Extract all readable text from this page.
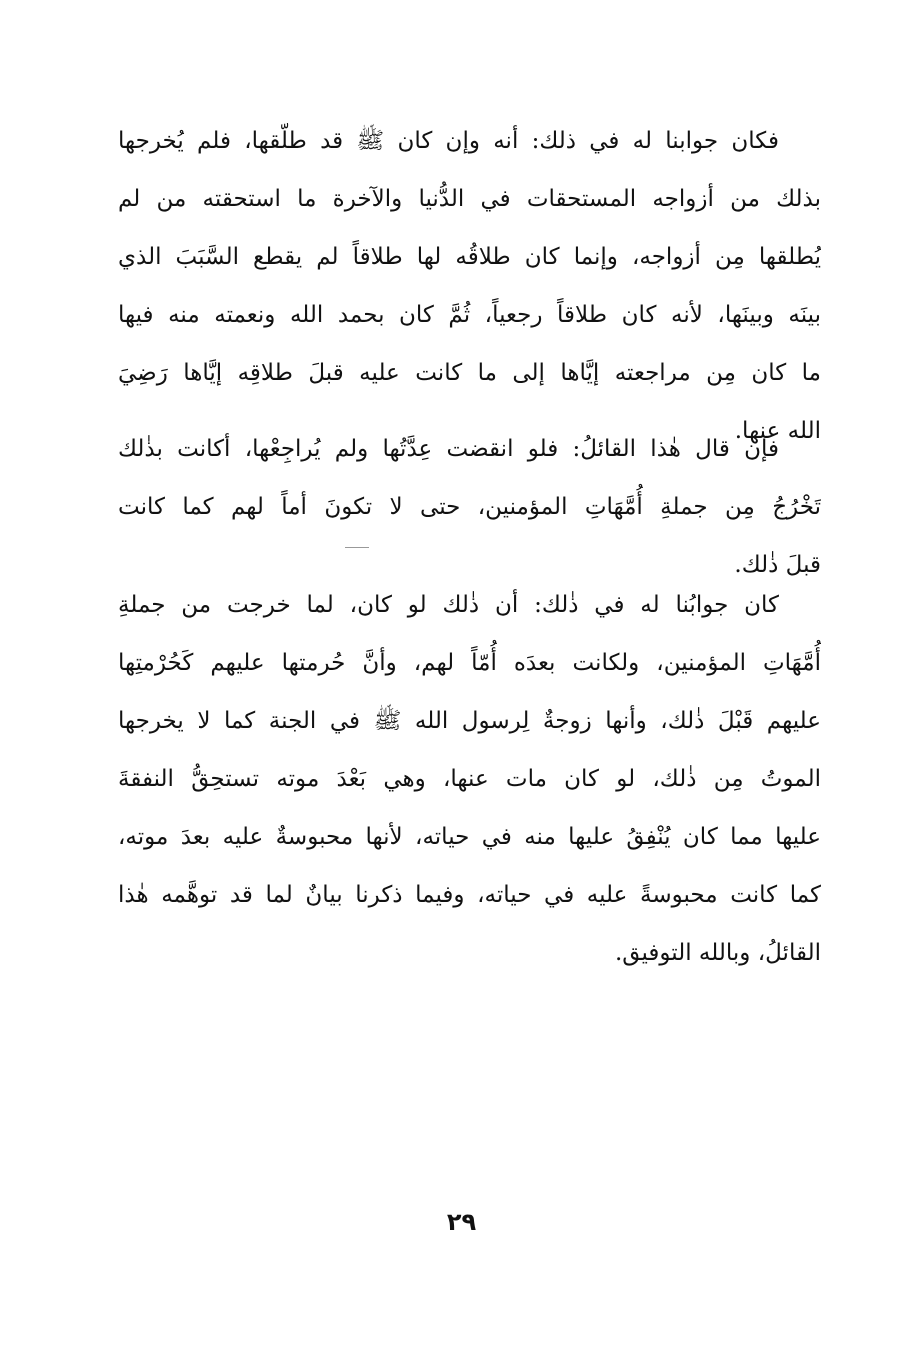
فكان جوابنا له في ذلك: أنه وإن كان ﷺ قد طلّقها، فلم يُخرجها
بذلك من أزواجه المستحقات في الدُّنيا والآخرة ما استحقته من لم
يُطلقها مِن أزواجه، وإنما كان طلاقُه لها طلاقاً لم يقطع السَّبَبَ الذي
بينَه وبينَها، لأنه كان طلاقاً رجعياً، ثُمَّ كان بحمد الله ونعمته منه فيها
ما كان مِن مراجعته إيَّاها إلى ما كانت عليه قبلَ طلاقِه إيَّاها رَضِيَ
الله عنها.
فإن قال هٰذا القائلُ: فلو انقضت عِدَّتُها ولم يُراجِعْها، أكانت بذٰلك
تَخْرُجُ مِن جملةِ أُمَّهَاتِ المؤمنين، حتى لا تكونَ أماً لهم كما كانت
قبلَ ذٰلك.
كان جوابُنا له في ذٰلك: أن ذٰلك لو كان، لما خرجت من جملةِ
أُمَّهَاتِ المؤمنين، ولكانت بعدَه أُمّاً لهم، وأنَّ حُرمتها عليهم كَحُرْمتِها
عليهم قَبْلَ ذٰلك، وأنها زوجةٌ لِرسول الله ﷺ في الجنة كما لا يخرجها
الموتُ مِن ذٰلك، لو كان مات عنها، وهي بَعْدَ موته تستحِقُّ النفقةَ
عليها مما كان يُنْفِقُ عليها منه في حياته، لأنها محبوسةٌ عليه بعدَ موته،
كما كانت محبوسةً عليه في حياته، وفيما ذكرنا بيانٌ لما قد توهَّمه هٰذا
القائلُ، وبالله التوفيق.
٢٩
